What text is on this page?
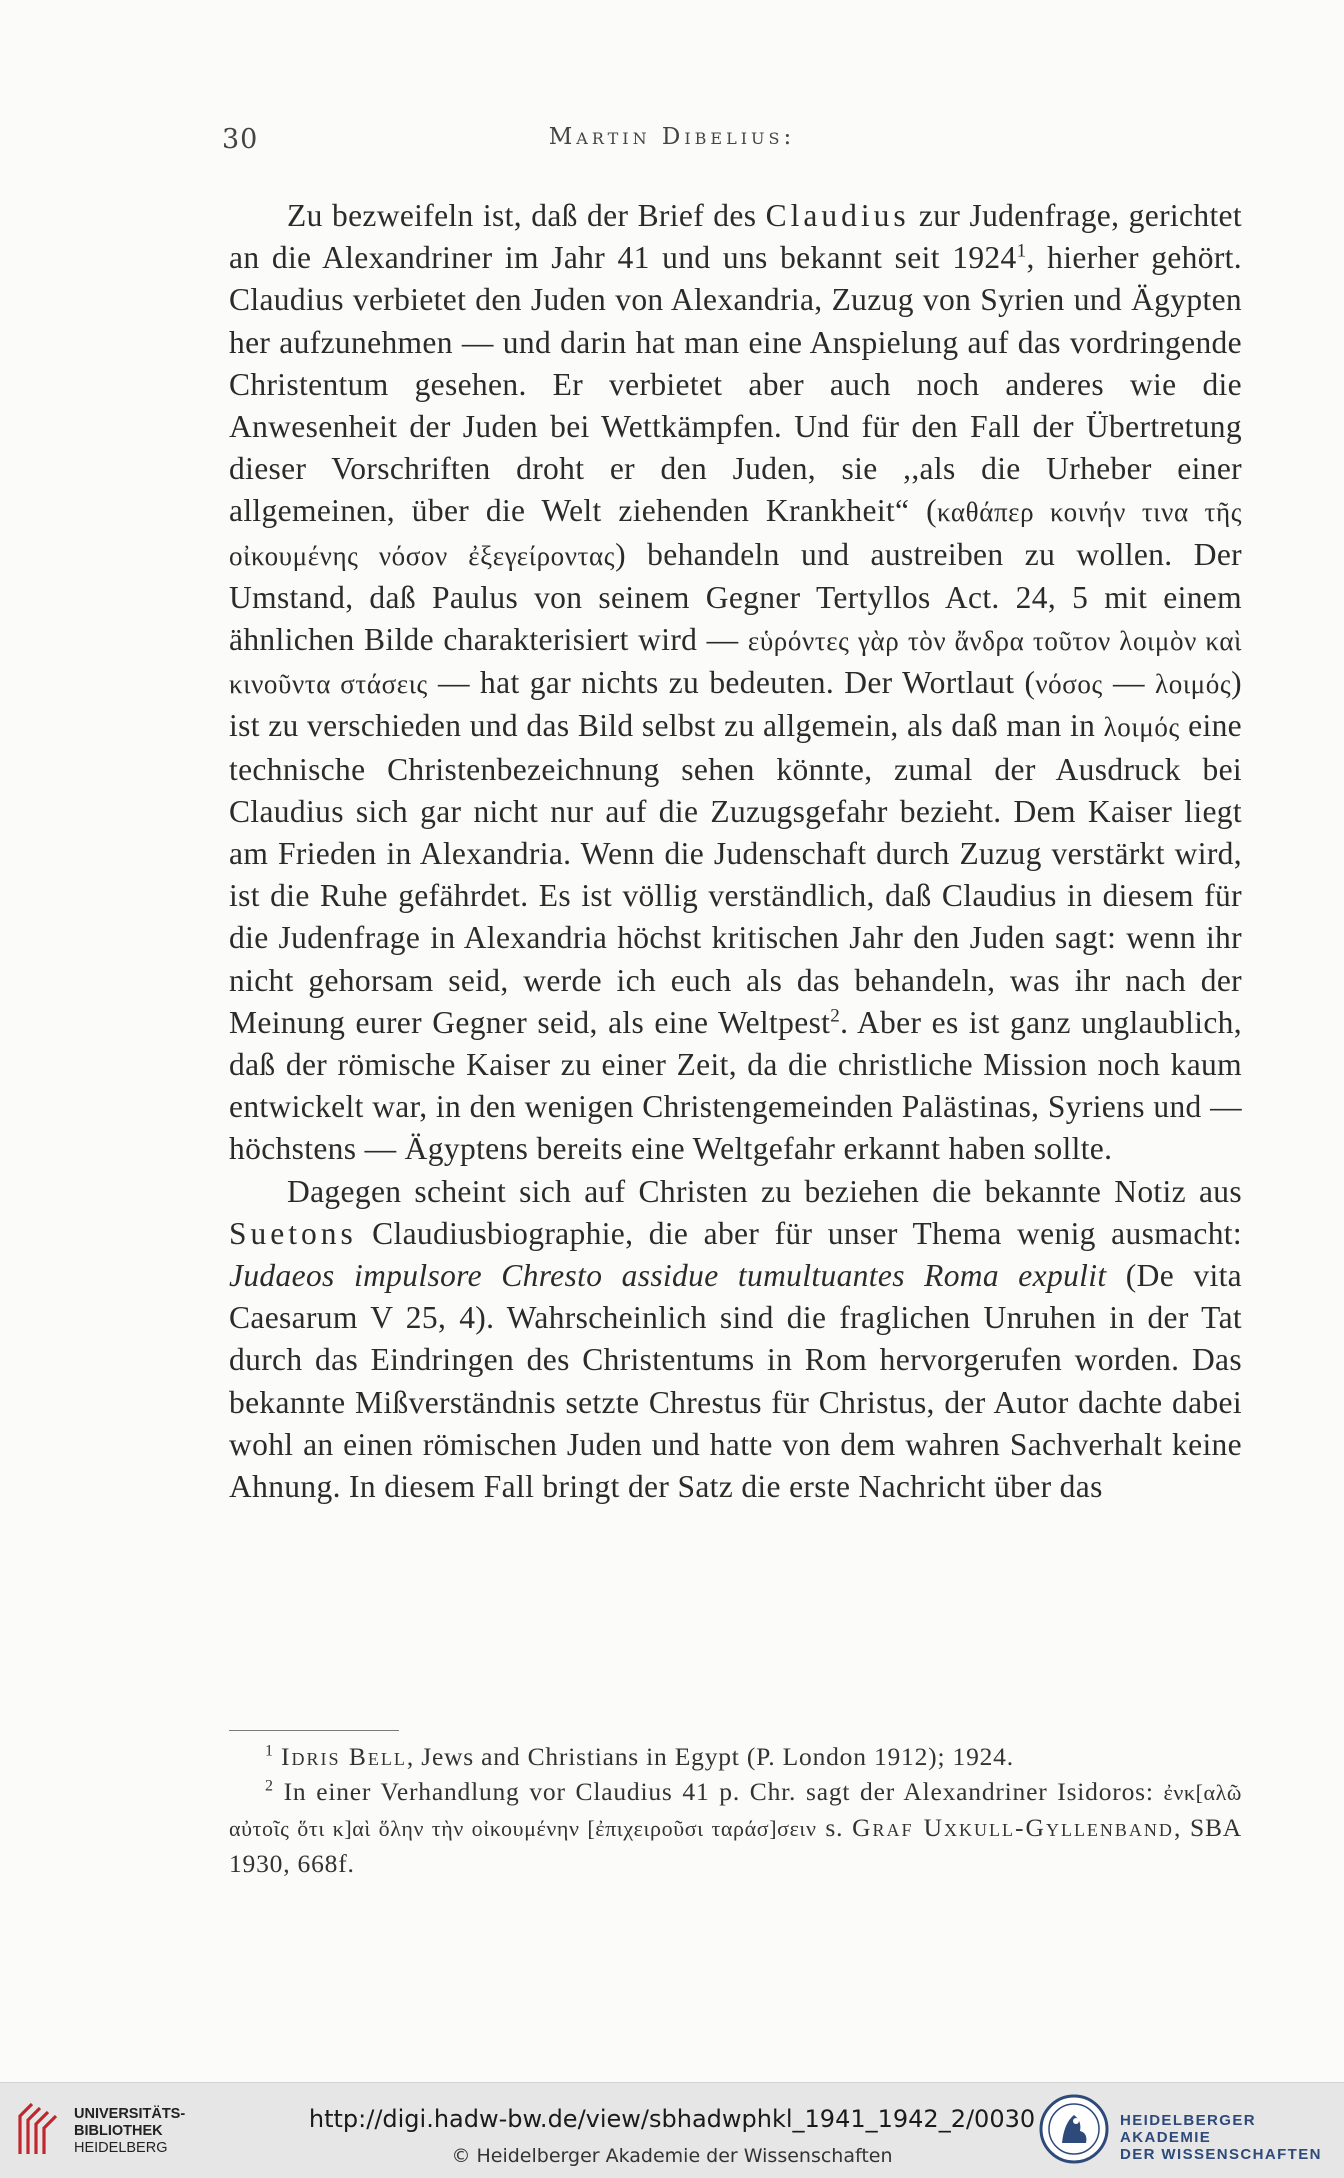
30	Martin Dibelius:

Zu bezweifeln ist, daß der Brief des Claudius zur Judenfrage, gerichtet an die Alexandriner im Jahr 41 und uns bekannt seit 1924$^1$, hierher gehört. Claudius verbietet den Juden von Alexandria, Zuzug von Syrien und Ägypten her aufzunehmen — und darin hat man eine Anspielung auf das vordringende Christentum gesehen. Er verbietet aber auch noch anderes wie die Anwesenheit der Juden bei Wettkämpfen. Und für den Fall der Übertretung dieser Vorschriften droht er den Juden, sie ,,als die Urheber einer allgemeinen, über die Welt ziehenden Krankheit“ (καθάπερ κοινήν τινα τῆς οἰκουμένης νόσον ἐξεγείροντας) behandeln und austreiben zu wollen. Der Umstand, daß Paulus von seinem Gegner Tertyllos Act. 24, 5 mit einem ähnlichen Bilde charakterisiert wird — εὑρόντες γὰρ τὸν ἄνδρα τοῦτον λοιμὸν καὶ κινοῦντα στάσεις — hat gar nichts zu bedeuten. Der Wortlaut (νόσος — λοιμός) ist zu verschieden und das Bild selbst zu allgemein, als daß man in λοιμός eine technische Christenbezeichnung sehen könnte, zumal der Ausdruck bei Claudius sich gar nicht nur auf die Zuzugsgefahr bezieht. Dem Kaiser liegt am Frieden in Alexandria. Wenn die Judenschaft durch Zuzug verstärkt wird, ist die Ruhe gefährdet. Es ist völlig verständlich, daß Claudius in diesem für die Judenfrage in Alexandria höchst kritischen Jahr den Juden sagt: wenn ihr nicht gehorsam seid, werde ich euch als das behandeln, was ihr nach der Meinung eurer Gegner seid, als eine Weltpest$^2$. Aber es ist ganz unglaublich, daß der römische Kaiser zu einer Zeit, da die christliche Mission noch kaum entwickelt war, in den wenigen Christengemeinden Palästinas, Syriens und — höchstens — Ägyptens bereits eine Weltgefahr erkannt haben sollte.

Dagegen scheint sich auf Christen zu beziehen die bekannte Notiz aus Suetons Claudiusbiographie, die aber für unser Thema wenig ausmacht: Judaeos impulsore Chresto assidue tumultuantes Roma expulit (De vita Caesarum V 25, 4). Wahrscheinlich sind die fraglichen Unruhen in der Tat durch das Eindringen des Christentums in Rom hervorgerufen worden. Das bekannte Mißverständnis setzte Chrestus für Christus, der Autor dachte dabei wohl an einen römischen Juden und hatte von dem wahren Sachverhalt keine Ahnung. In diesem Fall bringt der Satz die erste Nachricht über das

$^1$ Idris Bell, Jews and Christians in Egypt (P. London 1912); 1924.

$^2$ In einer Verhandlung vor Claudius 41 p. Chr. sagt der Alexandriner Isidoros: ἐνκ[αλῶ αὐτοῖς ὅτι κ]αὶ ὅλην τὴν οἰκουμένην [ἐπιχειροῦσι ταράσ]σειν s. Graf Uxkull-Gyllenband, SBA 1930, 668f.

UNIVERSITÄTS-
BIBLIOTHEK
HEIDELBERG
http://digi.hadw-bw.de/view/sbhadwphkl_1941_1942_2/0030
© Heidelberger Akademie der Wissenschaften
HEIDELBERGER AKADEMIE
DER WISSENSCHAFTEN
